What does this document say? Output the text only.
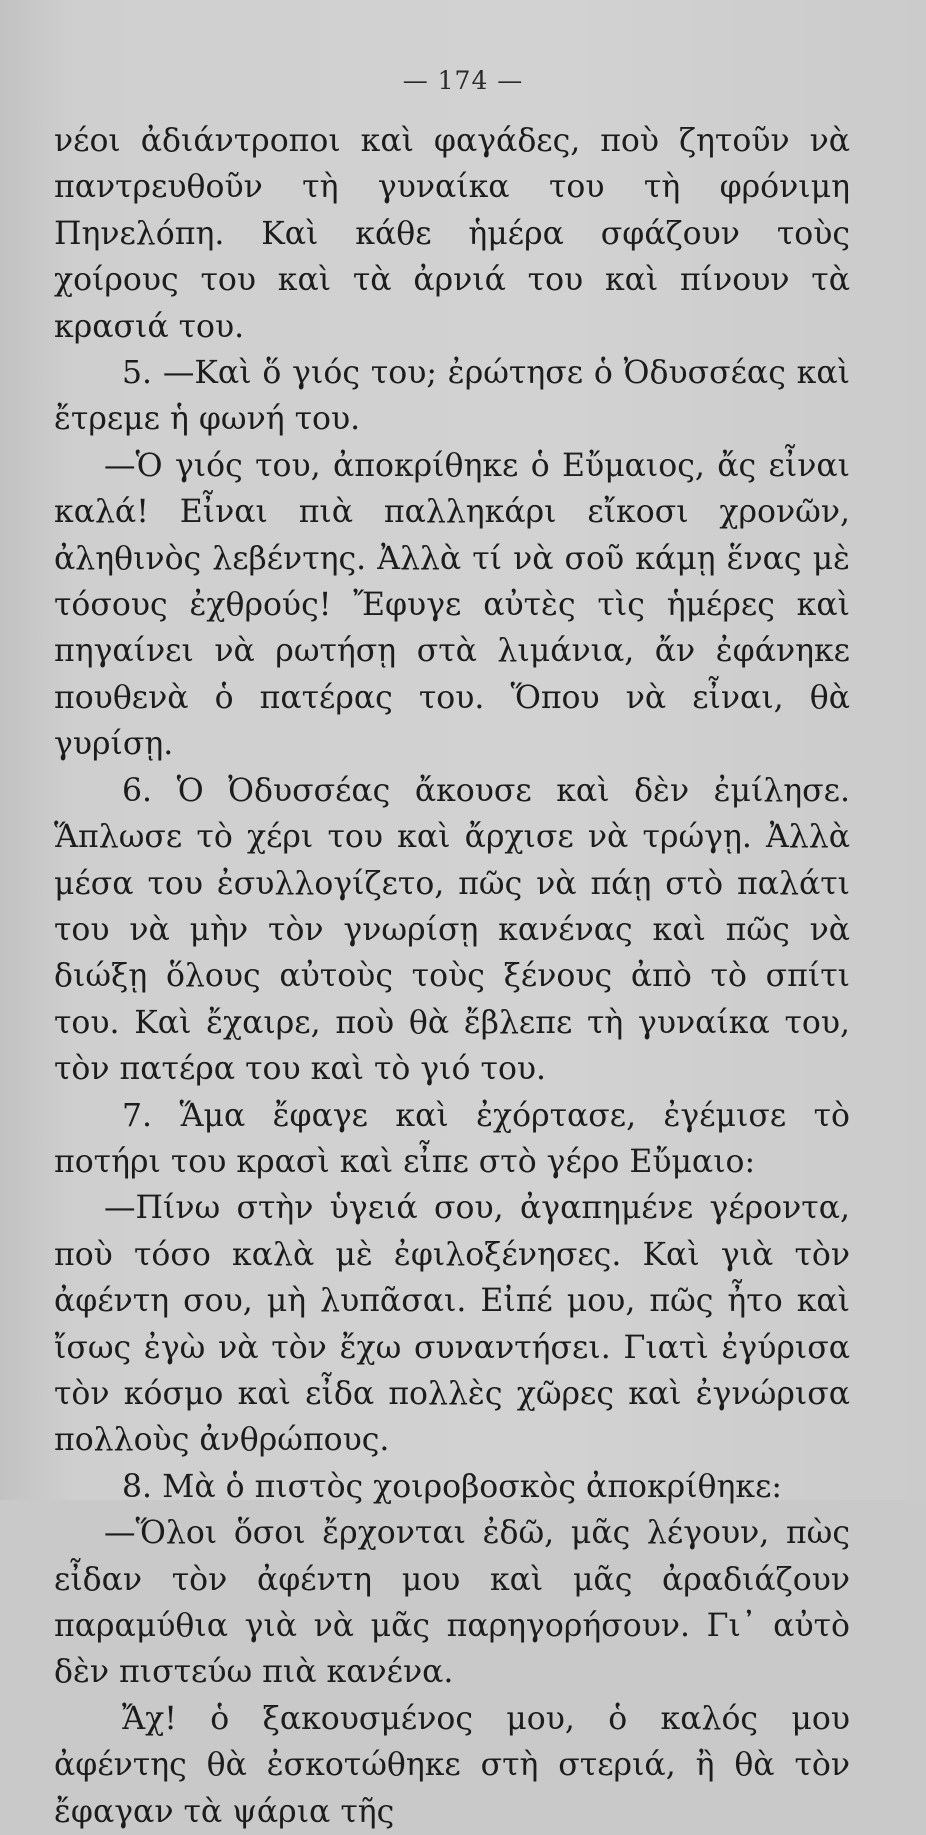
— 174 —

νέοι ἀδιάντροποι καὶ φαγάδες, ποὺ ζητοῦν νὰ παντρευθοῦν τὴ γυναίκα του τὴ φρόνιμη Πηνελόπη. Καὶ κάθε ἡμέρα σφάζουν τοὺς χοίρους του καὶ τὰ ἀρνιά του καὶ πίνουν τὰ κρασιά του.

5. —Καὶ ὅ γιός του; ἐρώτησε ὁ Ὀδυσσέας καὶ ἔτρεμε ἡ φωνή του.

—Ὁ γιός του, ἀποκρίθηκε ὁ Εὔμαιος, ἄς εἶναι καλά! Εἶναι πιὰ παλληκάρι εἴκοσι χρονῶν, ἀληθινὸς λεβέντης. Ἀλλὰ τί νὰ σοῦ κάμῃ ἕνας μὲ τόσους ἐχθρούς! Ἔφυγε αὐτὲς τὶς ἡμέρες καὶ πηγαίνει νὰ ρωτήσῃ στὰ λιμάνια, ἄν ἐφάνηκε πουθενὰ ὁ πατέρας του. Ὅπου νὰ εἶναι, θὰ γυρίσῃ.

6. Ὁ Ὀδυσσέας ἄκουσε καὶ δὲν ἐμίλησε. Ἅπλωσε τὸ χέρι του καὶ ἄρχισε νὰ τρώγῃ. Ἀλλὰ μέσα του ἐσυλλογίζετο, πῶς νὰ πάῃ στὸ παλάτι του νὰ μὴν τὸν γνωρίσῃ κανένας καὶ πῶς νὰ διώξῃ ὅλους αὐτοὺς τοὺς ξένους ἀπὸ τὸ σπίτι του. Καὶ ἔχαιρε, ποὺ θὰ ἔβλεπε τὴ γυναίκα του, τὸν πατέρα του καὶ τὸ γιό του.

7. Ἅμα ἔφαγε καὶ ἐχόρτασε, ἐγέμισε τὸ ποτήρι του κρασὶ καὶ εἶπε στὸ γέρο Εὔμαιο:

—Πίνω στὴν ὑγειά σου, ἀγαπημένε γέροντα, ποὺ τόσο καλὰ μὲ ἐφιλοξένησες. Καὶ γιὰ τὸν ἀφέντη σου, μὴ λυπᾶσαι. Εἰπέ μου, πῶς ἦτο καὶ ἴσως ἐγὼ νὰ τὸν ἔχω συναντήσει. Γιατὶ ἐγύρισα τὸν κόσμο καὶ εἶδα πολλὲς χῶρες καὶ ἐγνώρισα πολλοὺς ἀνθρώπους.

8. Μὰ ὁ πιστὸς χοιροβοσκὸς ἀποκρίθηκε:

—Ὅλοι ὅσοι ἔρχονται ἐδῶ, μᾶς λέγουν, πὼς εἶδαν τὸν ἀφέντη μου καὶ μᾶς ἀραδιάζουν παραμύθια γιὰ νὰ μᾶς παρηγορήσουν. Γι᾽ αὐτὸ δὲν πιστεύω πιὰ κανένα.

Ἄχ! ὁ ξακουσμένος μου, ὁ καλός μου ἀφέντης θὰ ἐσκοτώθηκε στὴ στεριά, ἢ θὰ τὸν ἔφαγαν τὰ ψάρια τῆς
